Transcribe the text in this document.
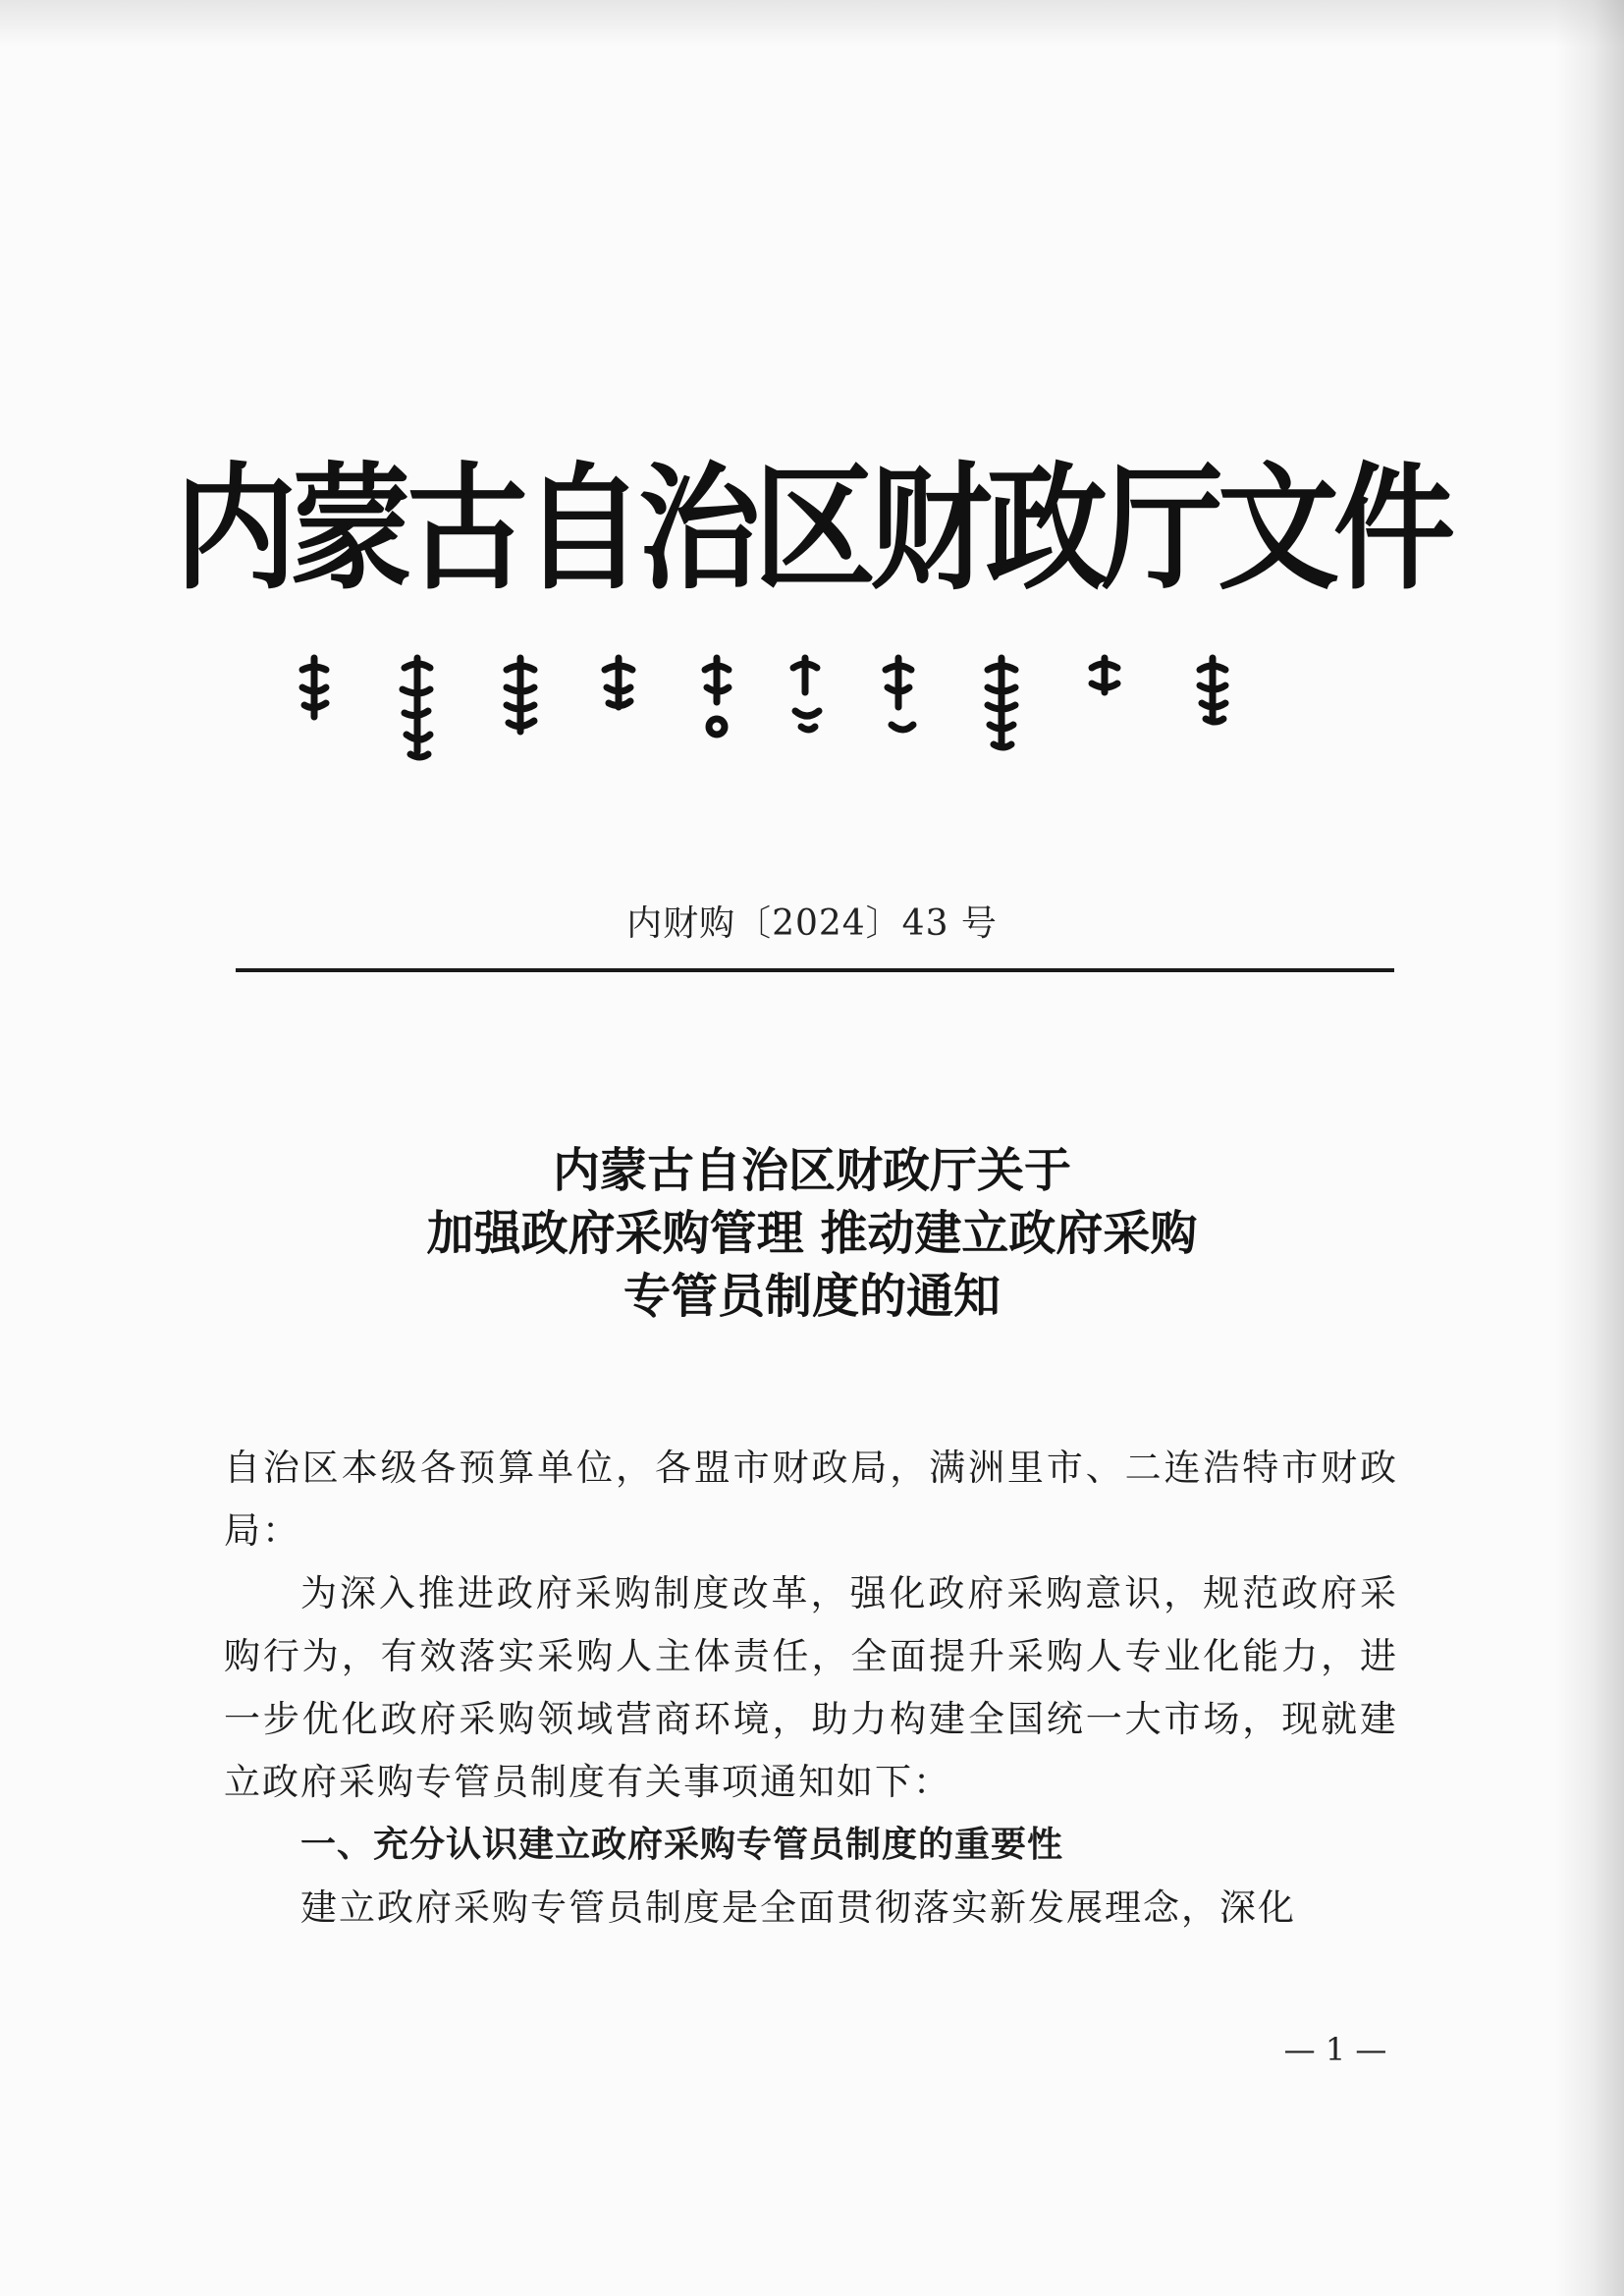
内蒙古自治区财政厅文件
内财购〔2024〕43 号
内蒙古自治区财政厅关于
加强政府采购管理 推动建立政府采购
专管员制度的通知

自治区本级各预算单位，各盟市财政局，满洲里市、二连浩特市财政局：

为深入推进政府采购制度改革，强化政府采购意识，规范政府采购行为，有效落实采购人主体责任，全面提升采购人专业化能力，进一步优化政府采购领域营商环境，助力构建全国统一大市场，现就建立政府采购专管员制度有关事项通知如下：

一、充分认识建立政府采购专管员制度的重要性

建立政府采购专管员制度是全面贯彻落实新发展理念，深化

— 1 —
